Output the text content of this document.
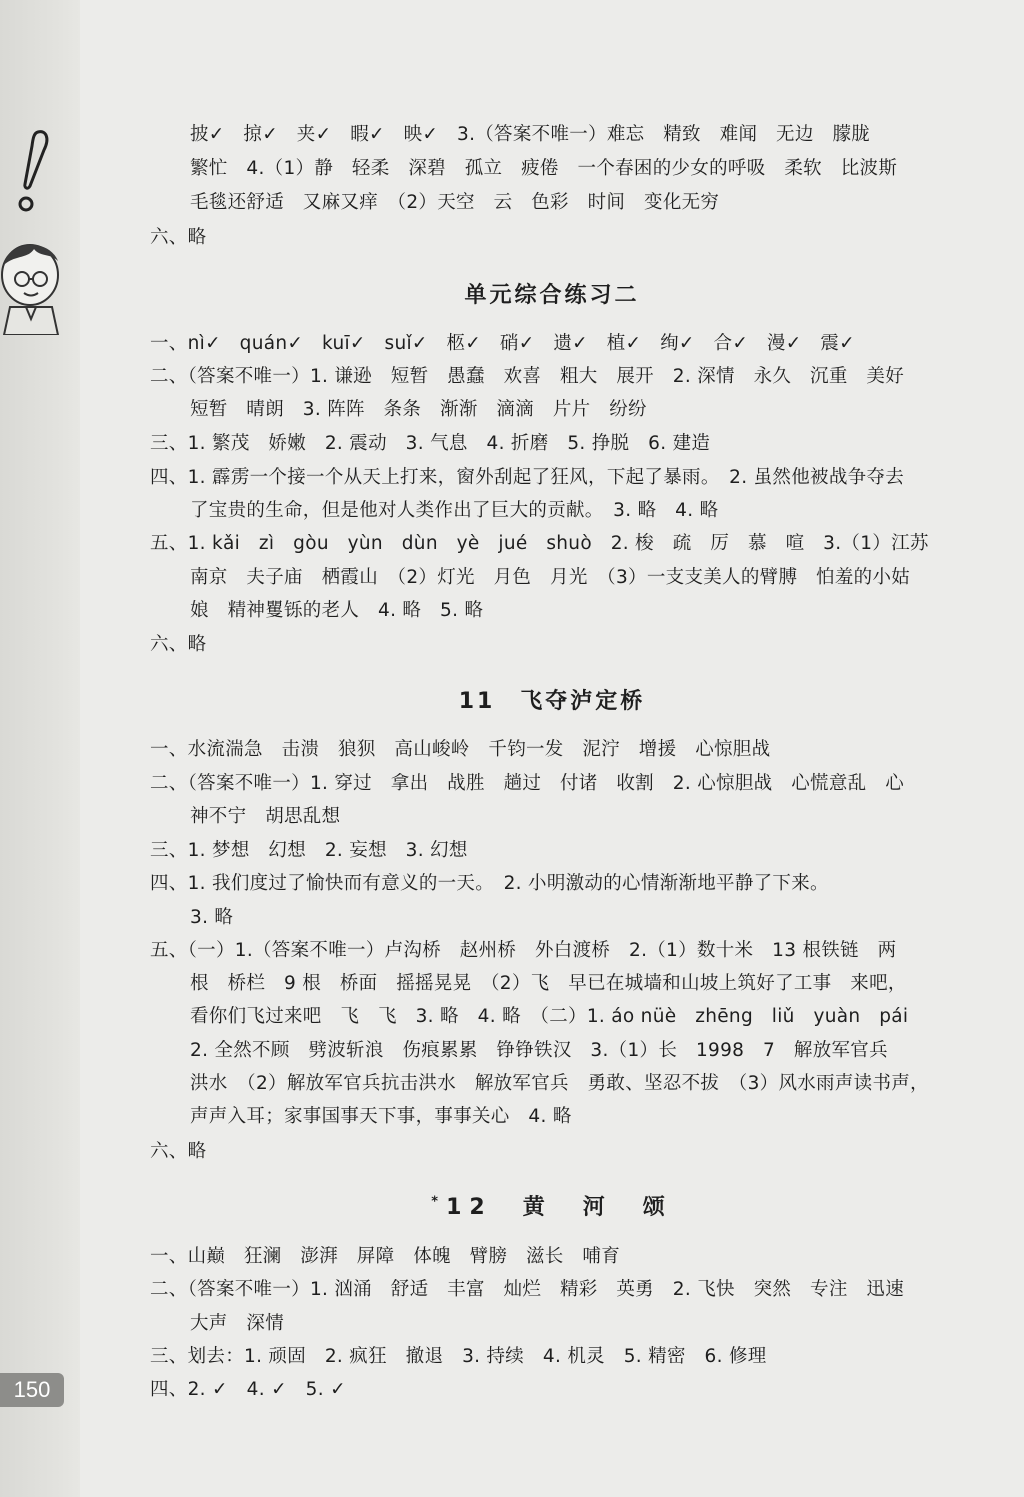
150
披✓　掠✓　夹✓　暇✓　映✓　3.（答案不唯一）难忘　精致　难闻　无边　朦胧
繁忙　4.（1）静　轻柔　深碧　孤立　疲倦　一个春困的少女的呼吸　柔软　比波斯
毛毯还舒适　又麻又痒　（2）天空　云　色彩　时间　变化无穷
六、略
单元综合练习二
一、nì✓　quán✓　kuī✓　suǐ✓　柩✓　硝✓　遗✓　植✓　绚✓　合✓　漫✓　震✓
二、（答案不唯一）1. 谦逊　短暂　愚蠢　欢喜　粗大　展开　2. 深情　永久　沉重　美好
短暂　晴朗　3. 阵阵　条条　渐渐　滴滴　片片　纷纷
三、1. 繁茂　娇嫩　2. 震动　3. 气息　4. 折磨　5. 挣脱　6. 建造
四、1. 霹雳一个接一个从天上打来，窗外刮起了狂风，下起了暴雨。　2. 虽然他被战争夺去
了宝贵的生命，但是他对人类作出了巨大的贡献。　3. 略　4. 略
五、1. kǎi　zì　gòu　yùn　dùn　yè　jué　shuò　2. 梭　疏　厉　慕　喧　3.（1）江苏
南京　夫子庙　栖霞山　（2）灯光　月色　月光　（3）一支支美人的臂膊　怕羞的小姑
娘　精神矍铄的老人　4. 略　5. 略
六、略
11　飞夺泸定桥
一、水流湍急　击溃　狼狈　高山峻岭　千钧一发　泥泞　增援　心惊胆战
二、（答案不唯一）1. 穿过　拿出　战胜　趟过　付诸　收割　2. 心惊胆战　心慌意乱　心
神不宁　胡思乱想
三、1. 梦想　幻想　2. 妄想　3. 幻想
四、1. 我们度过了愉快而有意义的一天。　2. 小明激动的心情渐渐地平静了下来。
3. 略
五、（一）1.（答案不唯一）卢沟桥　赵州桥　外白渡桥　2.（1）数十米　13 根铁链　两
根　桥栏　9 根　桥面　摇摇晃晃　（2）飞　早已在城墙和山坡上筑好了工事　来吧，
看你们飞过来吧　飞　飞　3. 略　4. 略　（二）1. áo nüè　zhēng　liǔ　yuàn　pái
2. 全然不顾　劈波斩浪　伤痕累累　铮铮铁汉　3.（1）长　1998　7　解放军官兵
洪水　（2）解放军官兵抗击洪水　解放军官兵　勇敢、坚忍不拔　（3）风水雨声读书声，
声声入耳；家事国事天下事，事事关心　4. 略
六、略
*12　黄　河　颂
一、山巅　狂澜　澎湃　屏障　体魄　臂膀　滋长　哺育
二、（答案不唯一）1. 汹涌　舒适　丰富　灿烂　精彩　英勇　2. 飞快　突然　专注　迅速
大声　深情
三、划去：1. 顽固　2. 疯狂　撤退　3. 持续　4. 机灵　5. 精密　6. 修理
四、2. ✓　4. ✓　5. ✓
